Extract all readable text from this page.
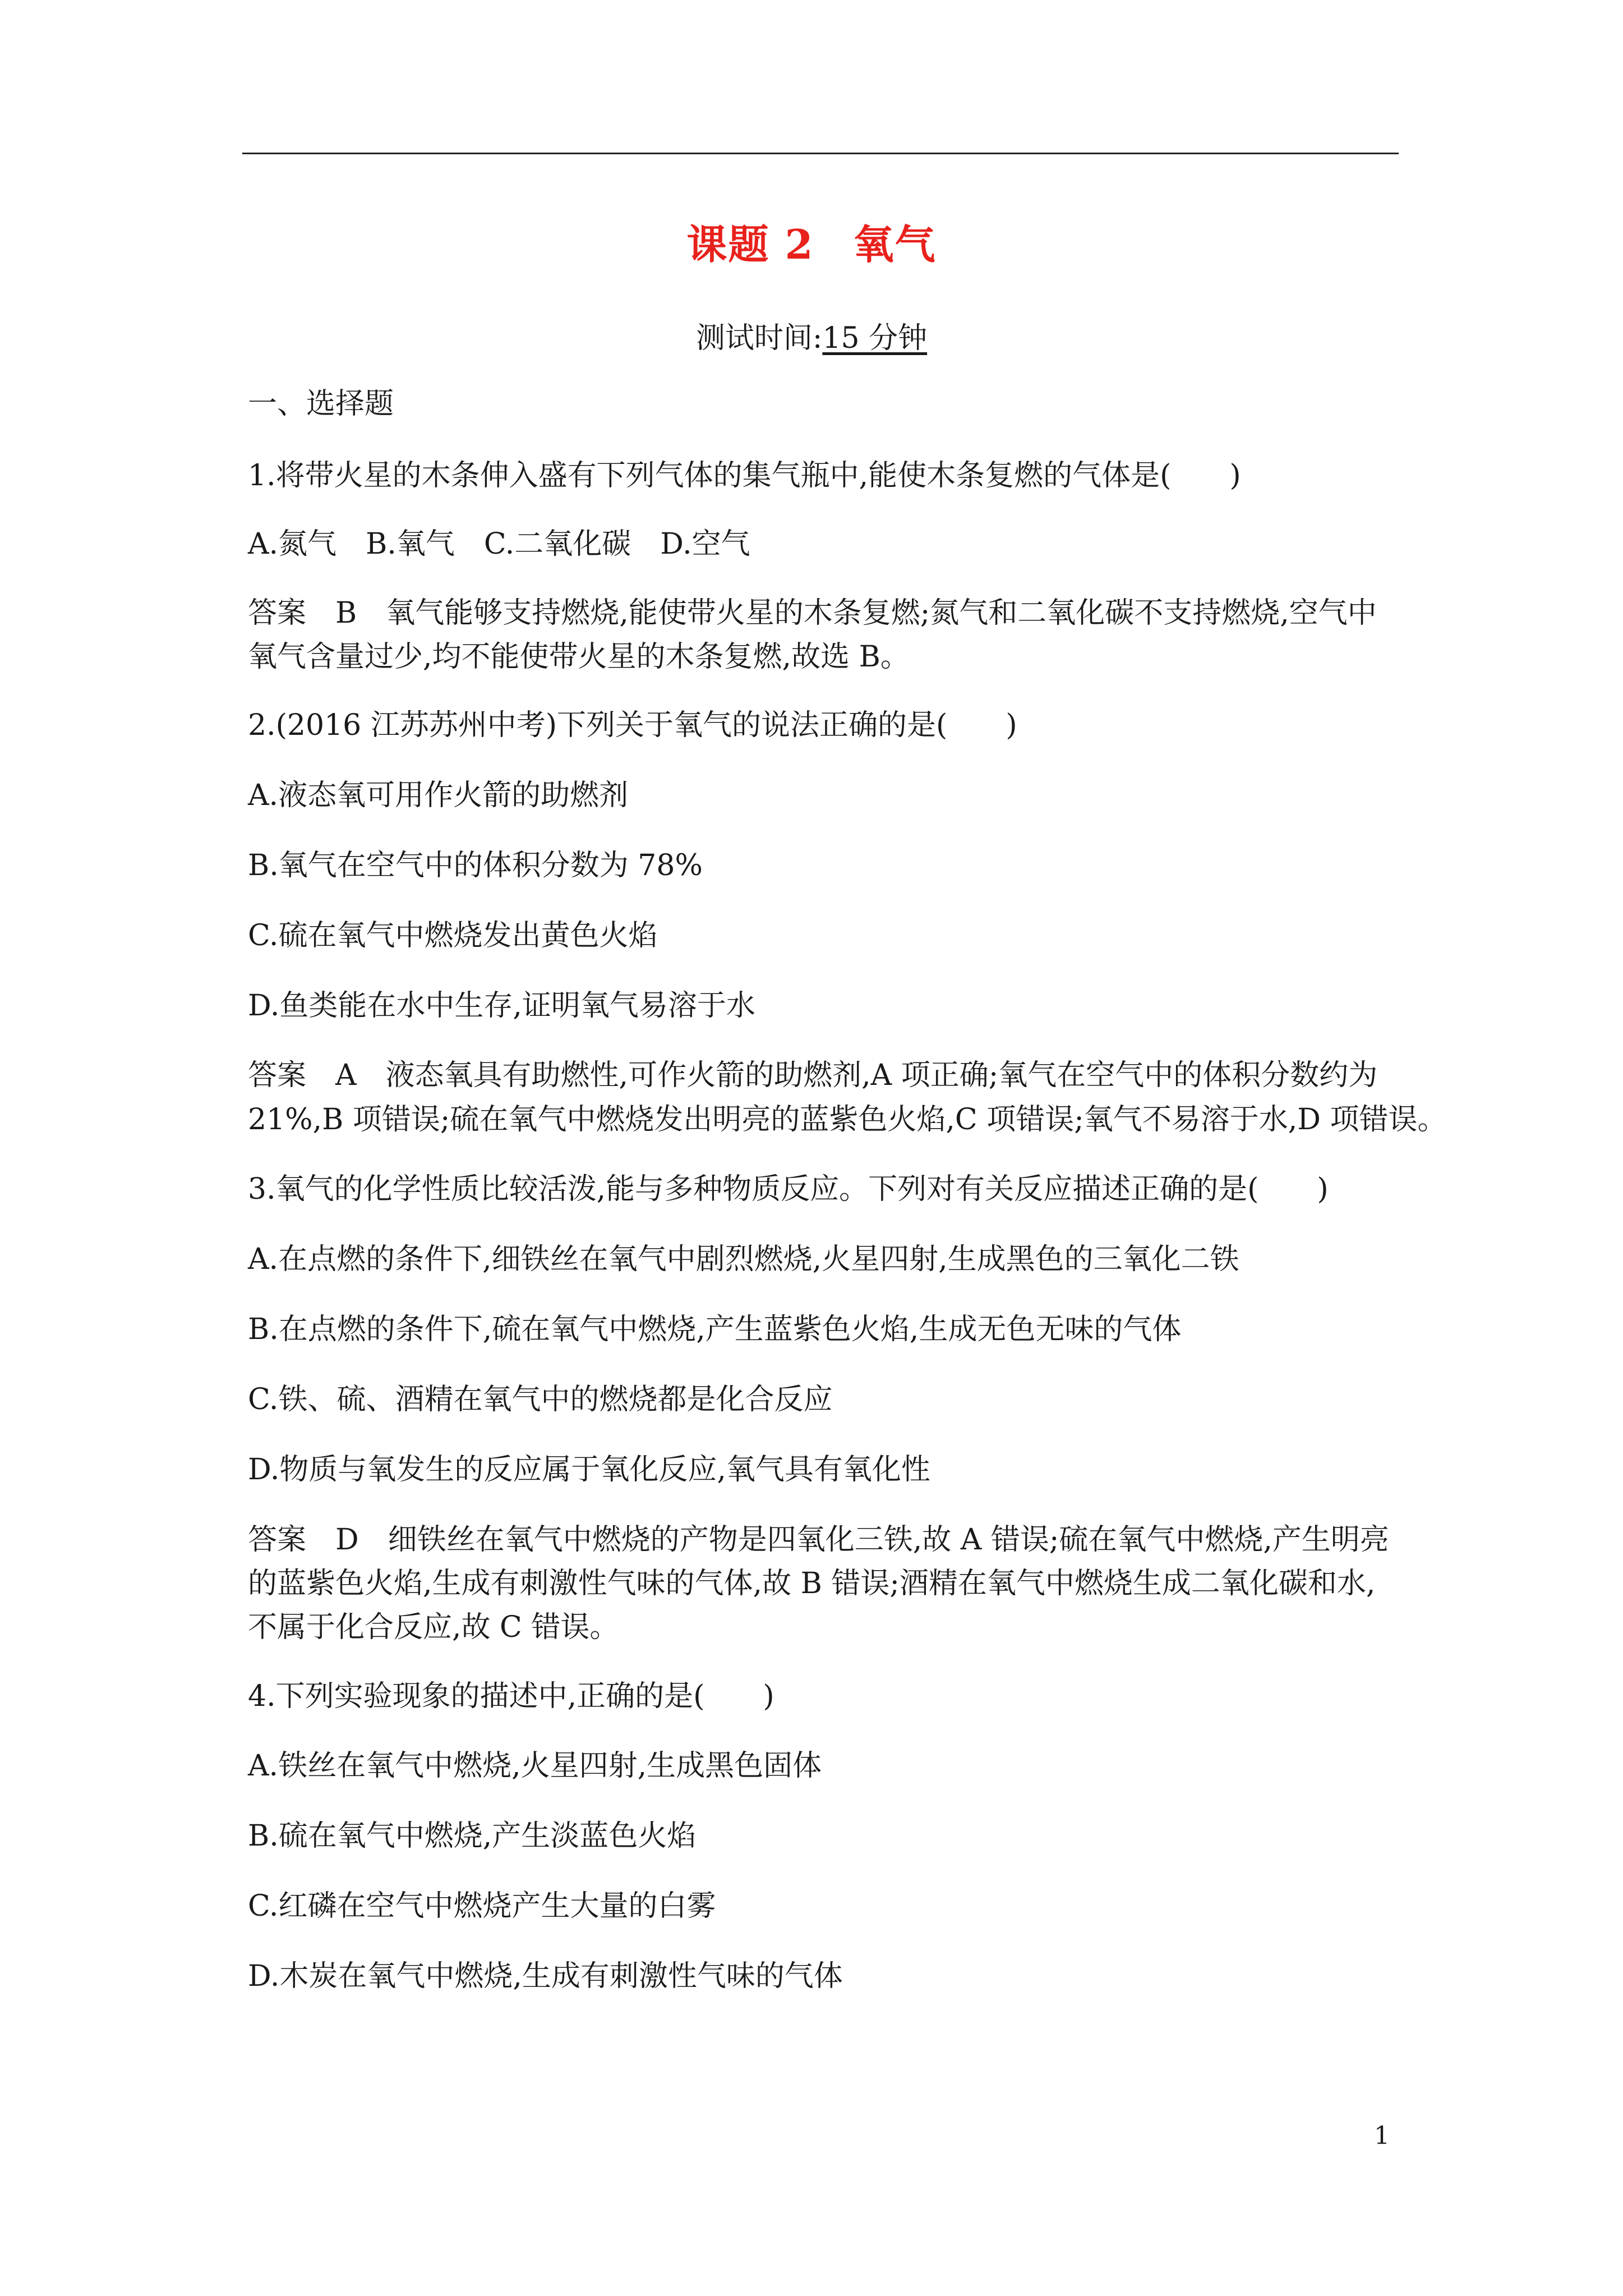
课题 2 氧气
测试时间:15 分钟
一、选择题
1.将带火星的木条伸入盛有下列气体的集气瓶中,能使木条复燃的气体是(　　)
A.氮气　B.氧气　C.二氧化碳　D.空气
答案　B　氧气能够支持燃烧,能使带火星的木条复燃;氮气和二氧化碳不支持燃烧,空气中
氧气含量过少,均不能使带火星的木条复燃,故选 B。
2.(2016 江苏苏州中考)下列关于氧气的说法正确的是(　　)
A.液态氧可用作火箭的助燃剂
B.氧气在空气中的体积分数为 78%
C.硫在氧气中燃烧发出黄色火焰
D.鱼类能在水中生存,证明氧气易溶于水
答案　A　液态氧具有助燃性,可作火箭的助燃剂,A 项正确;氧气在空气中的体积分数约为
21%,B 项错误;硫在氧气中燃烧发出明亮的蓝紫色火焰,C 项错误;氧气不易溶于水,D 项错误。
3.氧气的化学性质比较活泼,能与多种物质反应。下列对有关反应描述正确的是(　　)
A.在点燃的条件下,细铁丝在氧气中剧烈燃烧,火星四射,生成黑色的三氧化二铁
B.在点燃的条件下,硫在氧气中燃烧,产生蓝紫色火焰,生成无色无味的气体
C.铁、硫、酒精在氧气中的燃烧都是化合反应
D.物质与氧发生的反应属于氧化反应,氧气具有氧化性
答案　D　细铁丝在氧气中燃烧的产物是四氧化三铁,故 A 错误;硫在氧气中燃烧,产生明亮
的蓝紫色火焰,生成有刺激性气味的气体,故 B 错误;酒精在氧气中燃烧生成二氧化碳和水,
不属于化合反应,故 C 错误。
4.下列实验现象的描述中,正确的是(　　)
A.铁丝在氧气中燃烧,火星四射,生成黑色固体
B.硫在氧气中燃烧,产生淡蓝色火焰
C.红磷在空气中燃烧产生大量的白雾
D.木炭在氧气中燃烧,生成有刺激性气味的气体
1
